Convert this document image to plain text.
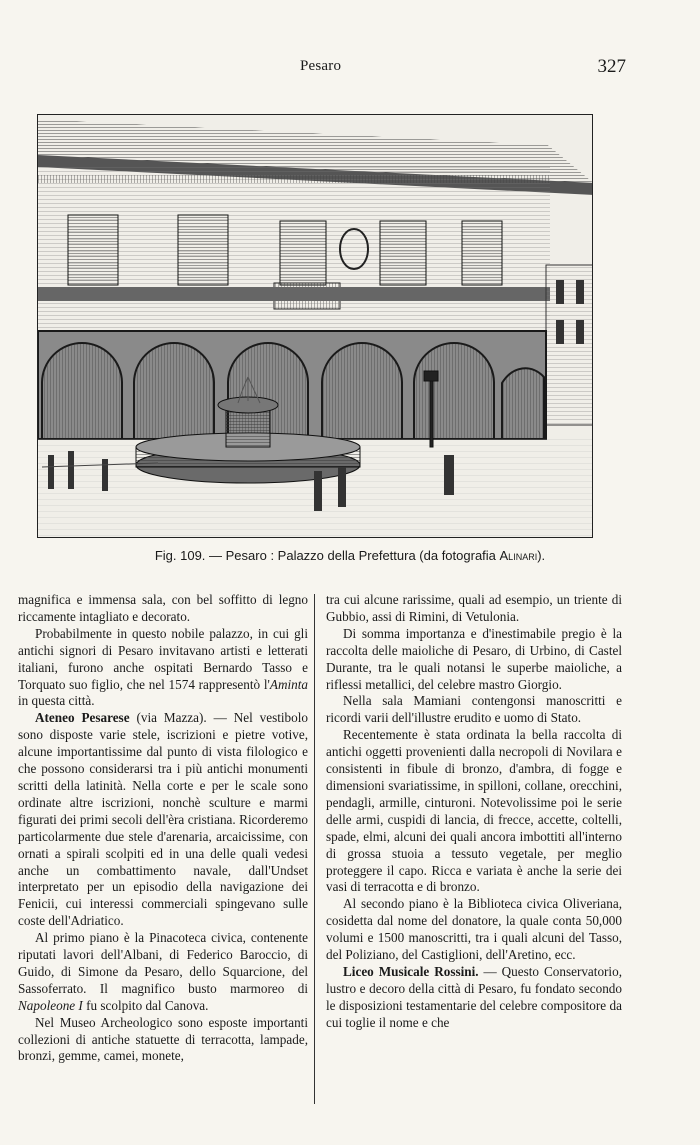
Pesaro	327
Fig. 109. — Pesaro : Palazzo della Prefettura (da fotografia Alinari).

magnifica e immensa sala, con bel soffitto di legno riccamente intagliato e decorato.

Probabilmente in questo nobile palazzo, in cui gli antichi signori di Pesaro invitavano artisti e letterati italiani, furono anche ospitati Bernardo Tasso e Torquato suo figlio, che nel 1574 rappresentò l'Aminta in questa città.

Ateneo Pesarese (via Mazza). — Nel vestibolo sono disposte varie stele, iscrizioni e pietre votive, alcune importantissime dal punto di vista filologico e che possono considerarsi tra i più antichi monumenti scritti della latinità. Nella corte e per le scale sono ordinate altre iscrizioni, nonchè sculture e marmi figurati dei primi secoli dell'èra cristiana. Ricorderemo particolarmente due stele d'arenaria, arcaicissime, con ornati a spirali scolpiti ed in una delle quali vedesi anche un combattimento navale, dall'Undset interpretato per un episodio della navigazione dei Fenicii, cui interessi commerciali spingevano sulle coste dell'Adriatico.

Al primo piano è la Pinacoteca civica, contenente riputati lavori dell'Albani, di Federico Baroccio, di Guido, di Simone da Pesaro, dello Squarcione, del Sassoferrato. Il magnifico busto marmoreo di Napoleone I fu scolpito dal Canova.

Nel Museo Archeologico sono esposte importanti collezioni di antiche statuette di terracotta, lampade, bronzi, gemme, camei, monete,

tra cui alcune rarissime, quali ad esempio, un triente di Gubbio, assi di Rimini, di Vetulonia.

Di somma importanza e d'inestimabile pregio è la raccolta delle maioliche di Pesaro, di Urbino, di Castel Durante, tra le quali notansi le superbe maioliche, a riflessi metallici, del celebre mastro Giorgio.

Nella sala Mamiani contengonsi manoscritti e ricordi varii dell'illustre erudito e uomo di Stato.

Recentemente è stata ordinata la bella raccolta di antichi oggetti provenienti dalla necropoli di Novilara e consistenti in fibule di bronzo, d'ambra, di fogge e dimensioni svariatissime, in spilloni, collane, orecchini, pendagli, armille, cinturoni. Notevolissime poi le serie delle armi, cuspidi di lancia, di frecce, accette, coltelli, spade, elmi, alcuni dei quali ancora imbottiti all'interno di grossa stuoia a tessuto vegetale, per meglio proteggere il capo. Ricca e variata è anche la serie dei vasi di terracotta e di bronzo.

Al secondo piano è la Biblioteca civica Oliveriana, cosidetta dal nome del donatore, la quale conta 50,000 volumi e 1500 manoscritti, tra i quali alcuni del Tasso, del Poliziano, del Castiglioni, dell'Aretino, ecc.

Liceo Musicale Rossini. — Questo Conservatorio, lustro e decoro della città di Pesaro, fu fondato secondo le disposizioni testamentarie del celebre compositore da cui toglie il nome e che
